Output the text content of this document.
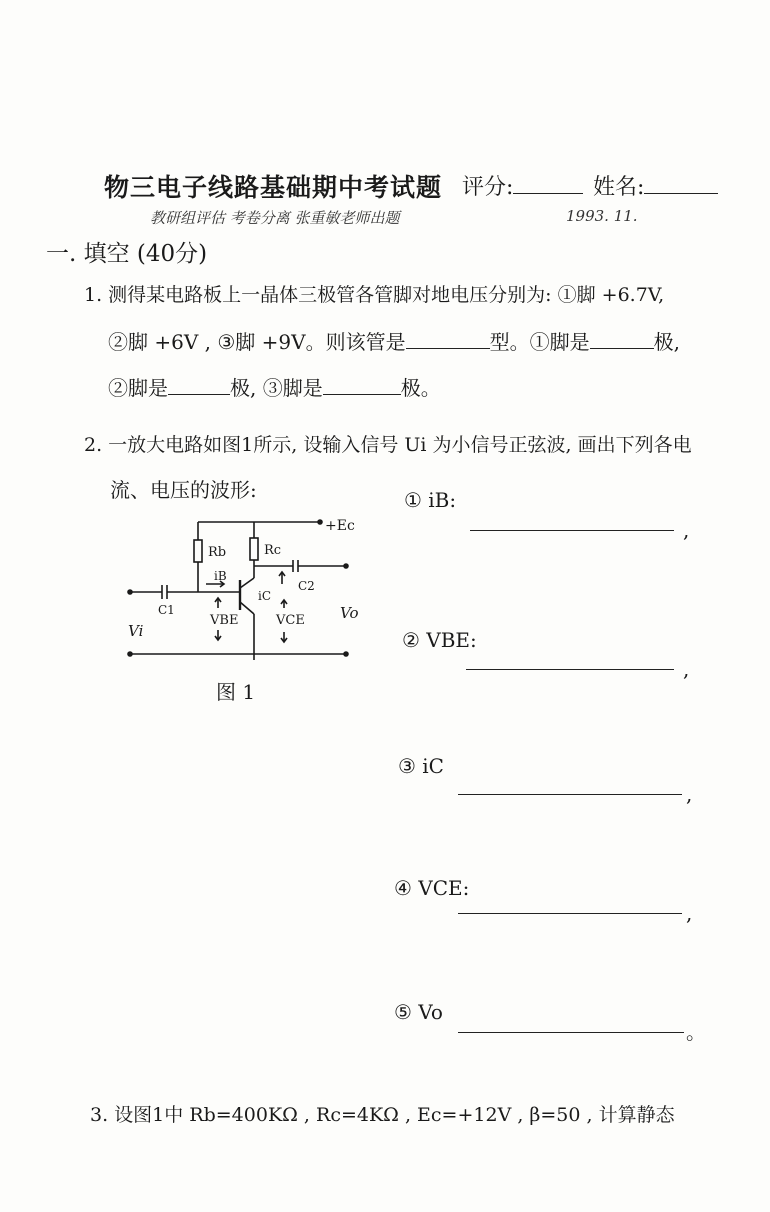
物三电子线路基础期中考试题 评分:	姓名:
教研组评估 考卷分离 张重敏老师出题	1993. 11.
一. 填空 (40分)
1. 测得某电路板上一晶体三极管各管脚对地电压分别为: ①脚 +6.7V,
②脚 +6V , ③脚 +9V。则该管是	型。①脚是	极,
②脚是	极, ③脚是	极。
2. 一放大电路如图1所示, 设输入信号 Ui 为小信号正弦波, 画出下列各电
流、电压的波形:
+Ec
Rb	Rc
C2
C1
iB
VBE
iC
VCE
Vi
Vo
图 1
① iB:
,
② VBE:
,
③ iC
,
④ VCE:
,
⑤ Vo
。
3. 设图1中 Rb=400KΩ , Rc=4KΩ , Ec=+12V , β=50 , 计算静态
